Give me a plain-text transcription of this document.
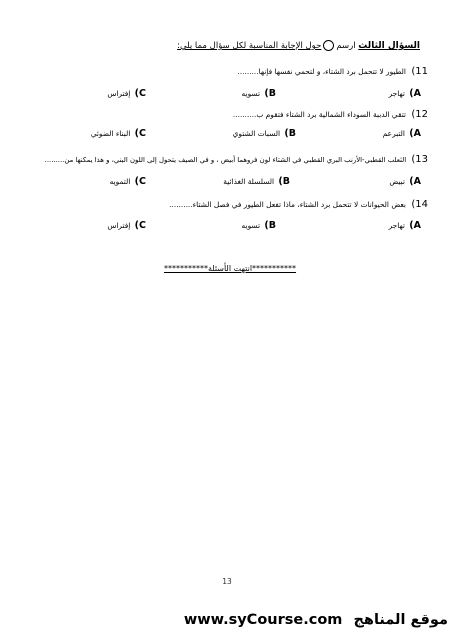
السؤال الثالث ارسمحول الإجابة المناسبة لكل سؤال مما يلي:
11) الطيور لا تتحمل برد الشتاء، و لتحمي نفسها فإنها.........
A) تهاجر
B) تسويه
C) إفتراس
12) تتقي الدببة السوداء الشمالية برد الشتاء فتقوم ب..........
A) التبرعم
B) السبات الشتوي
C) البناء الضوئي
13) الثعلب القطبي-الأرنب البري القطبي في الشتاء لون فروهما أبيض ، و في الصيف يتحول إلى اللون البني، و هذا يمكنها من.........
A) تبيض
B) السلسلة الغذائية
C) التمويه
14) بعض الحيوانات لا تتحمل برد الشتاء، ماذا تفعل الطيور في فصل الشتاء..........
A) تهاجر
B) تسويه
C) إفتراس
***********انتهت الأسئلة***********
13
موقع المناهج www.syCourse.com
